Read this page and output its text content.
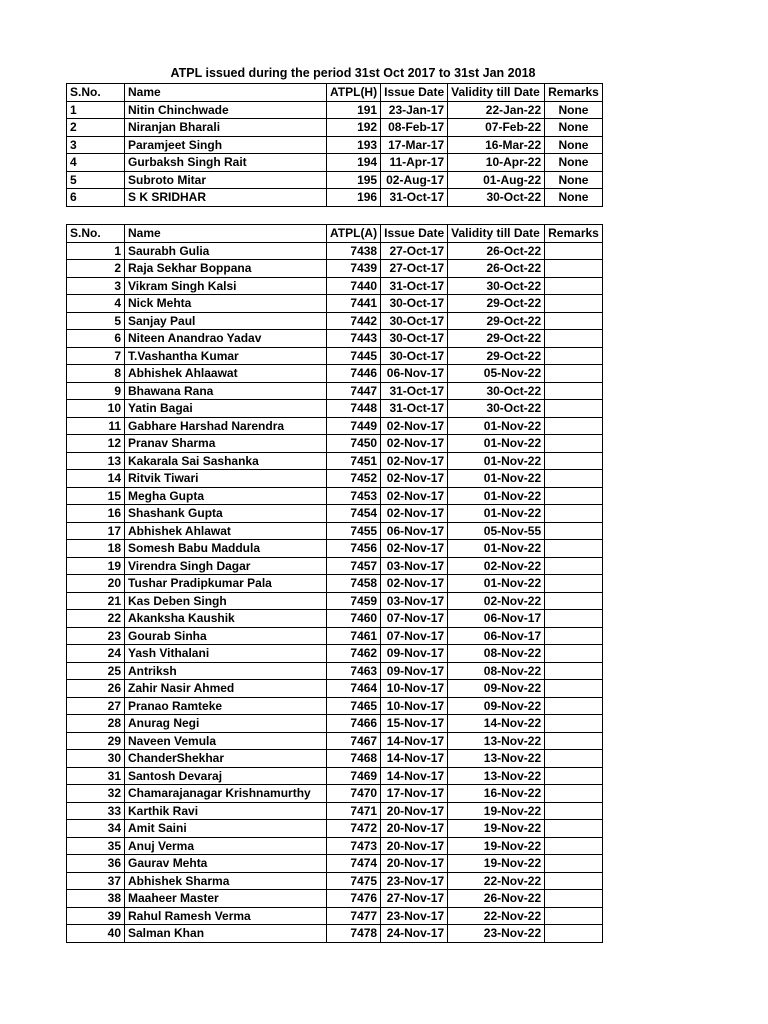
ATPL issued during the period 31st Oct 2017 to 31st Jan 2018
S.No.	Name	ATPL(H)	Issue Date	Validity till Date	Remarks
1	Nitin Chinchwade	191	23-Jan-17	22-Jan-22	None
2	Niranjan Bharali	192	08-Feb-17	07-Feb-22	None
3	Paramjeet Singh	193	17-Mar-17	16-Mar-22	None
4	Gurbaksh Singh Rait	194	11-Apr-17	10-Apr-22	None
5	Subroto Mitar	195	02-Aug-17	01-Aug-22	None
6	S K SRIDHAR	196	31-Oct-17	30-Oct-22	None
S.No.	Name	ATPL(A)	Issue Date	Validity till Date	Remarks
1	Saurabh Gulia	7438	27-Oct-17	26-Oct-22	
2	Raja Sekhar Boppana	7439	27-Oct-17	26-Oct-22	
3	Vikram Singh Kalsi	7440	31-Oct-17	30-Oct-22	
4	Nick Mehta	7441	30-Oct-17	29-Oct-22	
5	Sanjay Paul	7442	30-Oct-17	29-Oct-22	
6	Niteen Anandrao Yadav	7443	30-Oct-17	29-Oct-22	
7	T.Vashantha Kumar	7445	30-Oct-17	29-Oct-22	
8	Abhishek Ahlaawat	7446	06-Nov-17	05-Nov-22	
9	Bhawana Rana	7447	31-Oct-17	30-Oct-22	
10	Yatin Bagai	7448	31-Oct-17	30-Oct-22	
11	Gabhare Harshad Narendra	7449	02-Nov-17	01-Nov-22	
12	Pranav Sharma	7450	02-Nov-17	01-Nov-22	
13	Kakarala Sai Sashanka	7451	02-Nov-17	01-Nov-22	
14	Ritvik Tiwari	7452	02-Nov-17	01-Nov-22	
15	Megha Gupta	7453	02-Nov-17	01-Nov-22	
16	Shashank Gupta	7454	02-Nov-17	01-Nov-22	
17	Abhishek Ahlawat	7455	06-Nov-17	05-Nov-55	
18	Somesh Babu Maddula	7456	02-Nov-17	01-Nov-22	
19	Virendra Singh Dagar	7457	03-Nov-17	02-Nov-22	
20	Tushar Pradipkumar Pala	7458	02-Nov-17	01-Nov-22	
21	Kas Deben Singh	7459	03-Nov-17	02-Nov-22	
22	Akanksha Kaushik	7460	07-Nov-17	06-Nov-17	
23	Gourab Sinha	7461	07-Nov-17	06-Nov-17	
24	Yash Vithalani	7462	09-Nov-17	08-Nov-22	
25	Antriksh	7463	09-Nov-17	08-Nov-22	
26	Zahir Nasir Ahmed	7464	10-Nov-17	09-Nov-22	
27	Pranao Ramteke	7465	10-Nov-17	09-Nov-22	
28	Anurag Negi	7466	15-Nov-17	14-Nov-22	
29	Naveen Vemula	7467	14-Nov-17	13-Nov-22	
30	ChanderShekhar	7468	14-Nov-17	13-Nov-22	
31	Santosh Devaraj	7469	14-Nov-17	13-Nov-22	
32	Chamarajanagar Krishnamurthy	7470	17-Nov-17	16-Nov-22	
33	Karthik Ravi	7471	20-Nov-17	19-Nov-22	
34	Amit Saini	7472	20-Nov-17	19-Nov-22	
35	Anuj Verma	7473	20-Nov-17	19-Nov-22	
36	Gaurav Mehta	7474	20-Nov-17	19-Nov-22	
37	Abhishek Sharma	7475	23-Nov-17	22-Nov-22	
38	Maaheer Master	7476	27-Nov-17	26-Nov-22	
39	Rahul Ramesh Verma	7477	23-Nov-17	22-Nov-22	
40	Salman Khan	7478	24-Nov-17	23-Nov-22	
